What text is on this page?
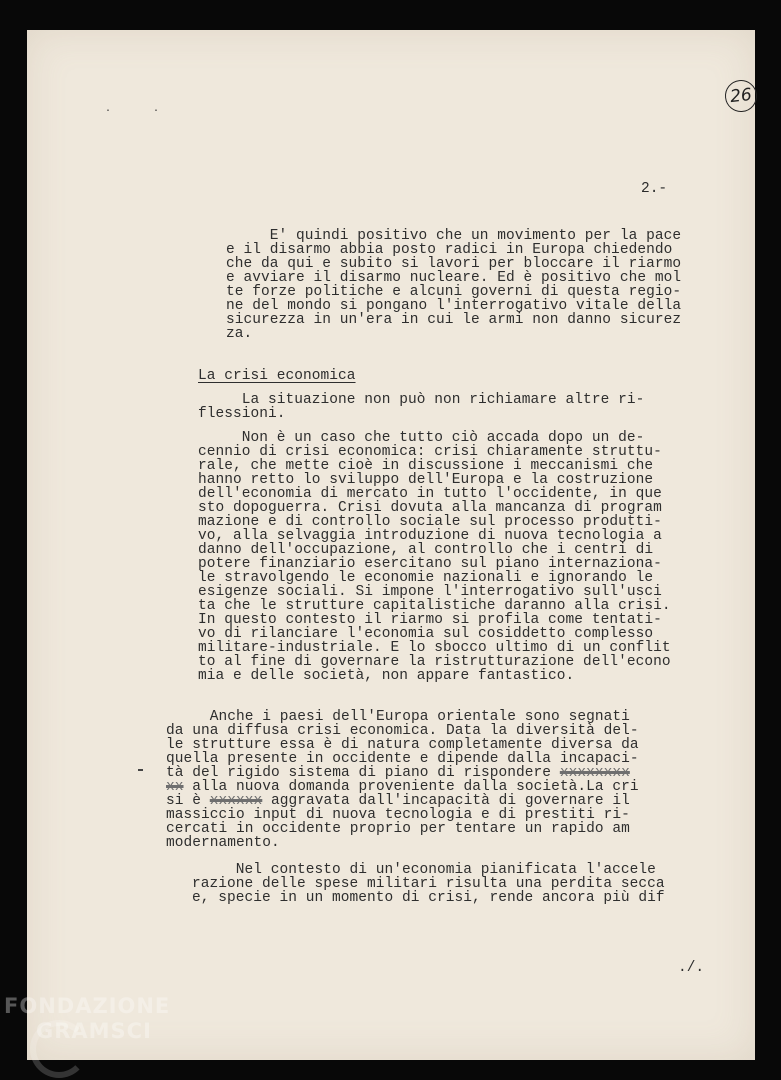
· ·
26
2.-
E' quindi positivo che un movimento per la pace
e il disarmo abbia posto radici in Europa chiedendo
che da qui e subito si lavori per bloccare il riarmo
e avviare il disarmo nucleare. Ed è positivo che mol
te forze politiche e alcuni governi di questa regio-
ne del mondo si pongano l'interrogativo vitale della
sicurezza in un'era in cui le armi non danno sicurez
za.
La crisi economica
La situazione non può non richiamare altre ri-
flessioni.
Non è un caso che tutto ciò accada dopo un de-
cennio di crisi economica: crisi chiaramente struttu-
rale, che mette cioè in discussione i meccanismi che
hanno retto lo sviluppo dell'Europa e la costruzione
dell'economia di mercato in tutto l'occidente, in que
sto dopoguerra. Crisi dovuta alla mancanza di program
mazione e di controllo sociale sul processo produtti-
vo, alla selvaggia introduzione di nuova tecnologia a
danno dell'occupazione, al controllo che i centri di
potere finanziario esercitano sul piano internaziona-
le stravolgendo le economie nazionali e ignorando le
esigenze sociali. Si impone l'interrogativo sull'usci
ta che le strutture capitalistiche daranno alla crisi.
In questo contesto il riarmo si profila come tentati-
vo di rilanciare l'economia sul cosiddetto complesso
militare-industriale. E lo sbocco ultimo di un conflit
to al fine di governare la ristrutturazione dell'econo
mia e delle società, non appare fantastico.
Anche i paesi dell'Europa orientale sono segnati
da una diffusa crisi economica. Data la diversità del-
le strutture essa è di natura completamente diversa da
quella presente in occidente e dipende dalla incapaci-
tà del rigido sistema di piano di rispondere xxxxxxxx
xx alla nuova domanda proveniente dalla società.La cri
si è xxxxxx aggravata dall'incapacità di governare il
massiccio input di nuova tecnologia e di prestiti ri-
cercati in occidente proprio per tentare un rapido am
modernamento.
Nel contesto di un'economia pianificata l'accele
razione delle spese militari risulta una perdita secca
e, specie in un momento di crisi, rende ancora più dif
./.
FONDAZIONE
GRAMSCI
